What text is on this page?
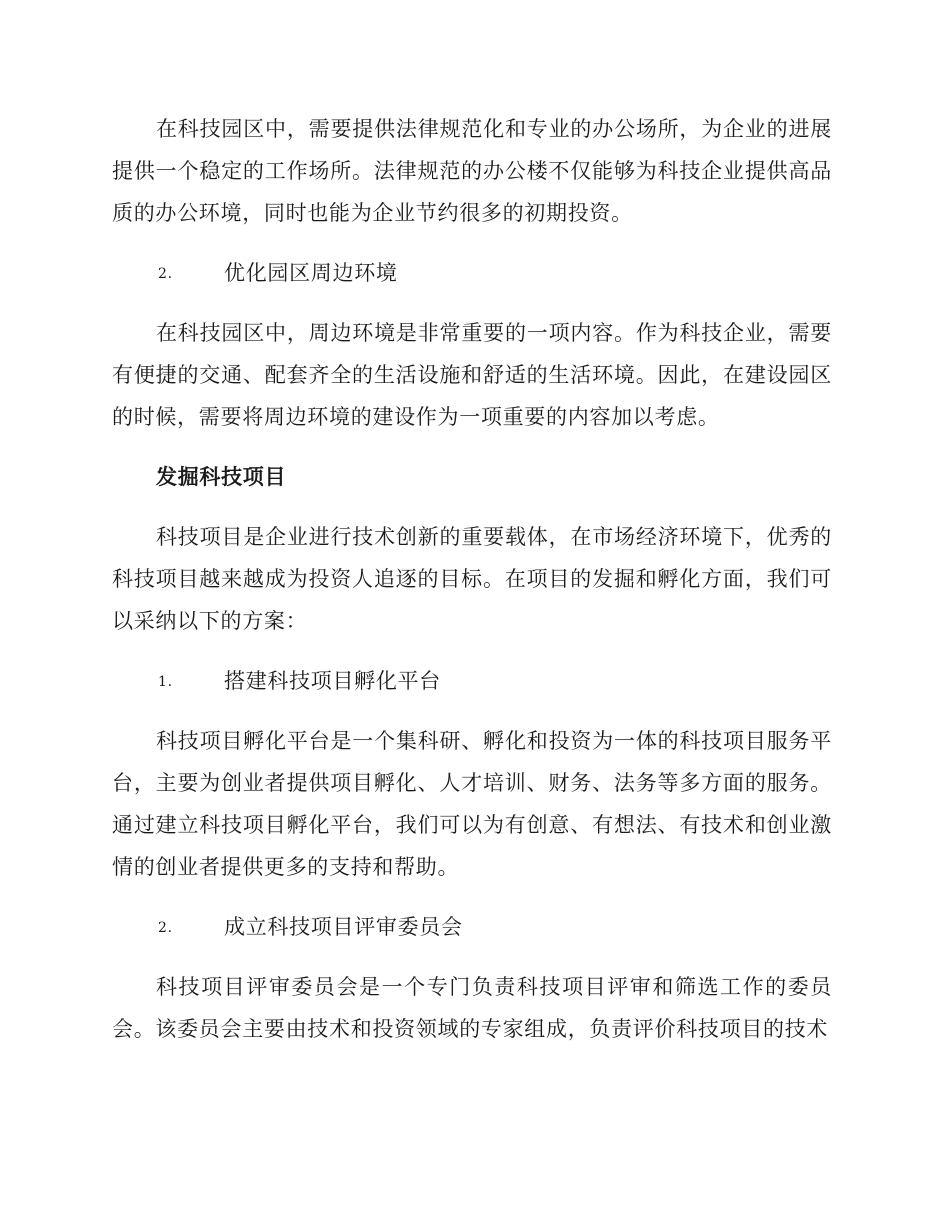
在科技园区中，需要提供法律规范化和专业的办公场所，为企业的进展提供一个稳定的工作场所。法律规范的办公楼不仅能够为科技企业提供高品质的办公环境，同时也能为企业节约很多的初期投资。

2. 优化园区周边环境

在科技园区中，周边环境是非常重要的一项内容。作为科技企业，需要有便捷的交通、配套齐全的生活设施和舒适的生活环境。因此，在建设园区的时候，需要将周边环境的建设作为一项重要的内容加以考虑。

发掘科技项目

科技项目是企业进行技术创新的重要载体，在市场经济环境下，优秀的科技项目越来越成为投资人追逐的目标。在项目的发掘和孵化方面，我们可以采纳以下的方案：

1. 搭建科技项目孵化平台

科技项目孵化平台是一个集科研、孵化和投资为一体的科技项目服务平台，主要为创业者提供项目孵化、人才培训、财务、法务等多方面的服务。通过建立科技项目孵化平台，我们可以为有创意、有想法、有技术和创业激情的创业者提供更多的支持和帮助。

2. 成立科技项目评审委员会

科技项目评审委员会是一个专门负责科技项目评审和筛选工作的委员会。该委员会主要由技术和投资领域的专家组成，负责评价科技项目的技术
